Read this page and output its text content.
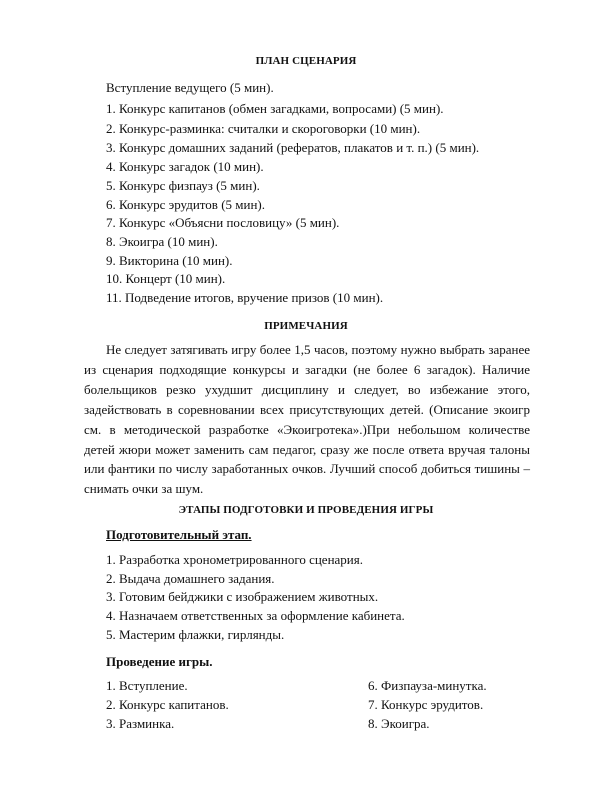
ПЛАН СЦЕНАРИЯ
Вступление ведущего (5 мин).
1. Конкурс капитанов (обмен загадками, вопросами) (5 мин).
2. Конкурс-разминка: считалки и скороговорки (10 мин).
3. Конкурс домашних заданий (рефератов, плакатов и т. п.) (5 мин).
4. Конкурс загадок (10 мин).
5. Конкурс физпауз (5 мин).
6. Конкурс эрудитов (5 мин).
7. Конкурс «Объясни пословицу» (5 мин).
8. Экоигра (10 мин).
9. Викторина (10 мин).
10. Концерт (10 мин).
11. Подведение итогов, вручение призов (10 мин).
ПРИМЕЧАНИЯ
Не следует затягивать игру более 1,5 часов, поэтому нужно выбрать заранее из сценария подходящие конкурсы и загадки (не более 6 загадок). Наличие болельщиков резко ухудшит дисциплину и следует, во избежание этого, задействовать в соревновании всех присутствующих детей. (Описание экоигр см. в методической разработке «Экоигротека».)При небольшом количестве детей жюри может заменить сам педагог, сразу же после ответа вручая талоны или фантики по числу заработанных очков. Лучший способ добиться тишины – снимать очки за шум.
ЭТАПЫ ПОДГОТОВКИ И ПРОВЕДЕНИЯ ИГРЫ
Подготовительный этап.
1. Разработка хронометрированного сценария.
2. Выдача домашнего задания.
3. Готовим бейджики с изображением животных.
4. Назначаем ответственных за оформление кабинета.
5. Мастерим флажки, гирлянды.
Проведение игры.
1. Вступление.
2. Конкурс капитанов.
3. Разминка.
6. Физпауза-минутка.
7. Конкурс эрудитов.
8. Экоигра.
